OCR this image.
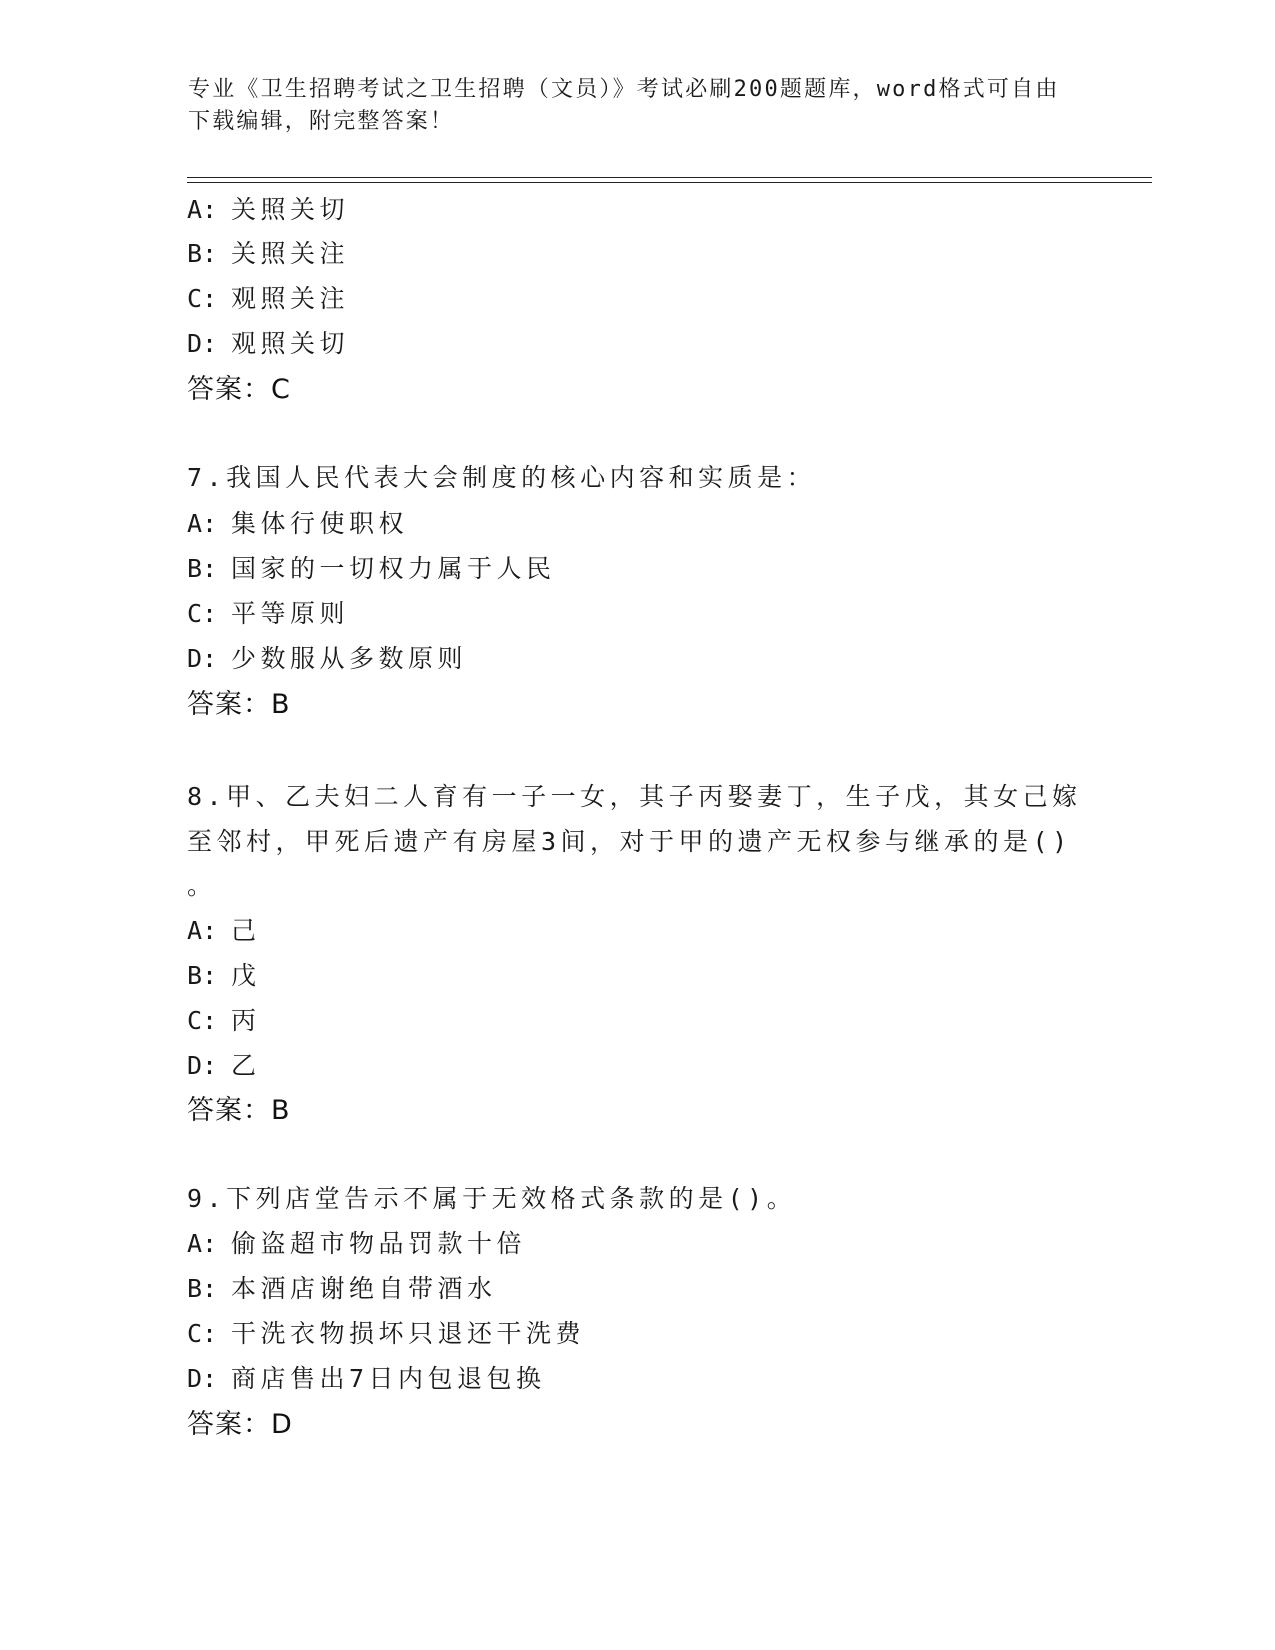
专业《卫生招聘考试之卫生招聘（文员）》考试必刷200题题库，word格式可自由下载编辑，附完整答案！
A: 关照关切
B: 关照关注
C: 观照关注
D: 观照关切
答案：C
7.我国人民代表大会制度的核心内容和实质是：
A: 集体行使职权
B: 国家的一切权力属于人民
C: 平等原则
D: 少数服从多数原则
答案：B
8.甲、乙夫妇二人育有一子一女，其子丙娶妻丁，生子戊，其女己嫁
至邻村，甲死后遗产有房屋3间，对于甲的遗产无权参与继承的是()
。
A: 己
B: 戊
C: 丙
D: 乙
答案：B
9.下列店堂告示不属于无效格式条款的是()。
A: 偷盗超市物品罚款十倍
B: 本酒店谢绝自带酒水
C: 干洗衣物损坏只退还干洗费
D: 商店售出7日内包退包换
答案：D
